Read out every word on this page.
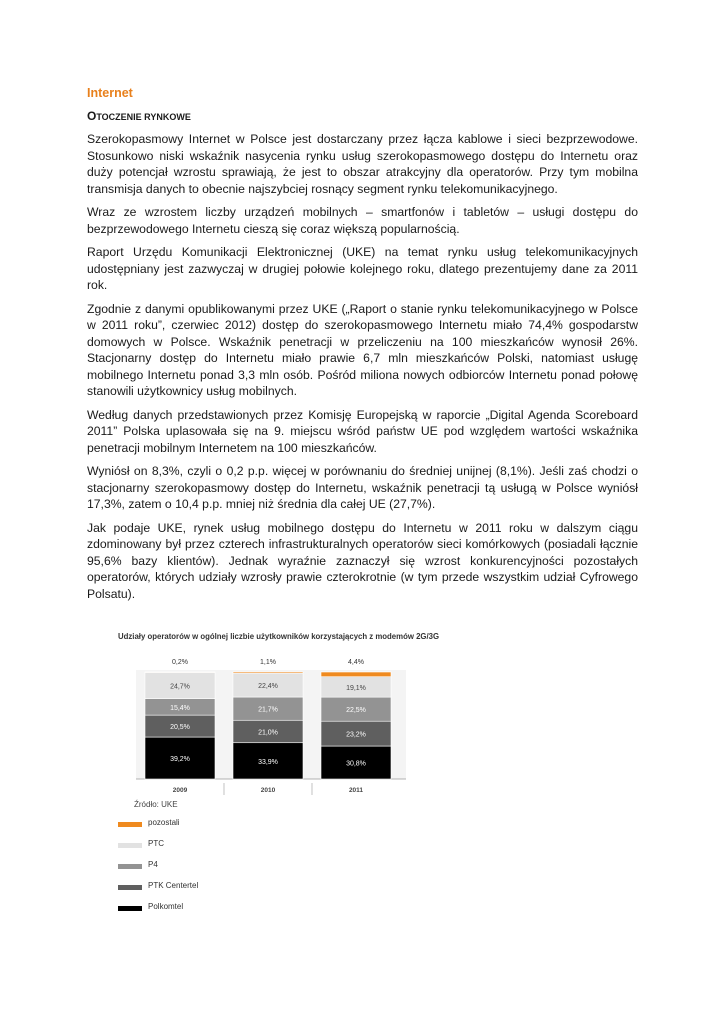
Internet
OTOCZENIE RYNKOWE

Szerokopasmowy Internet w Polsce jest dostarczany przez łącza kablowe i sieci bezprzewodowe. Stosunkowo niski wskaźnik nasycenia rynku usług szerokopasmowego dostępu do Internetu oraz duży potencjał wzrostu sprawiają, że jest to obszar atrakcyjny dla operatorów. Przy tym mobilna transmisja danych to obecnie najszybciej rosnący segment rynku telekomunikacyjnego.

Wraz ze wzrostem liczby urządzeń mobilnych – smartfonów i tabletów – usługi dostępu do bezprzewodowego Internetu cieszą się coraz większą popularnością.

Raport Urzędu Komunikacji Elektronicznej (UKE) na temat rynku usług telekomunikacyjnych udostępniany jest zazwyczaj w drugiej połowie kolejnego roku, dlatego prezentujemy dane za 2011 rok.

Zgodnie z danymi opublikowanymi przez UKE („Raport o stanie rynku telekomunikacyjnego w Polsce w 2011 roku”, czerwiec 2012) dostęp do szerokopasmowego Internetu miało 74,4% gospodarstw domowych w Polsce. Wskaźnik penetracji w przeliczeniu na 100 mieszkańców wynosił 26%. Stacjonarny dostęp do Internetu miało prawie 6,7 mln mieszkańców Polski, natomiast usługę mobilnego Internetu ponad 3,3 mln osób. Pośród miliona nowych odbiorców Internetu ponad połowę stanowili użytkownicy usług mobilnych.

Według danych przedstawionych przez Komisję Europejską w raporcie „Digital Agenda Scoreboard 2011” Polska uplasowała się na 9. miejscu wśród państw UE pod względem wartości wskaźnika penetracji mobilnym Internetem na 100 mieszkańców.

Wyniósł on 8,3%, czyli o 0,2 p.p. więcej w porównaniu do średniej unijnej (8,1%). Jeśli zaś chodzi o stacjonarny szerokopasmowy dostęp do Internetu, wskaźnik penetracji tą usługą w Polsce wyniósł 17,3%, zatem o 10,4 p.p. mniej niż średnia dla całej UE (27,7%).

Jak podaje UKE, rynek usług mobilnego dostępu do Internetu w 2011 roku w dalszym ciągu zdominowany był przez czterech infrastrukturalnych operatorów sieci komórkowych (posiadali łącznie 95,6% bazy klientów). Jednak wyraźnie zaznaczył się wzrost konkurencyjności pozostałych operatorów, których udziały wzrosły prawie czterokrotnie (w tym przede wszystkim udział Cyfrowego Polsatu).

Udziały operatorów w ogólnej liczbie użytkowników korzystających z modemów 2G/3G
39,2%
20,5%
15,4%
24,7%
0,2%
2009
33,9%
21,0%
21,7%
22,4%
1,1%
2010
30,8%
23,2%
22,5%
19,1%
4,4%
2011
Źródło: UKE
pozostali
PTC
P4
PTK Centertel
Polkomtel
